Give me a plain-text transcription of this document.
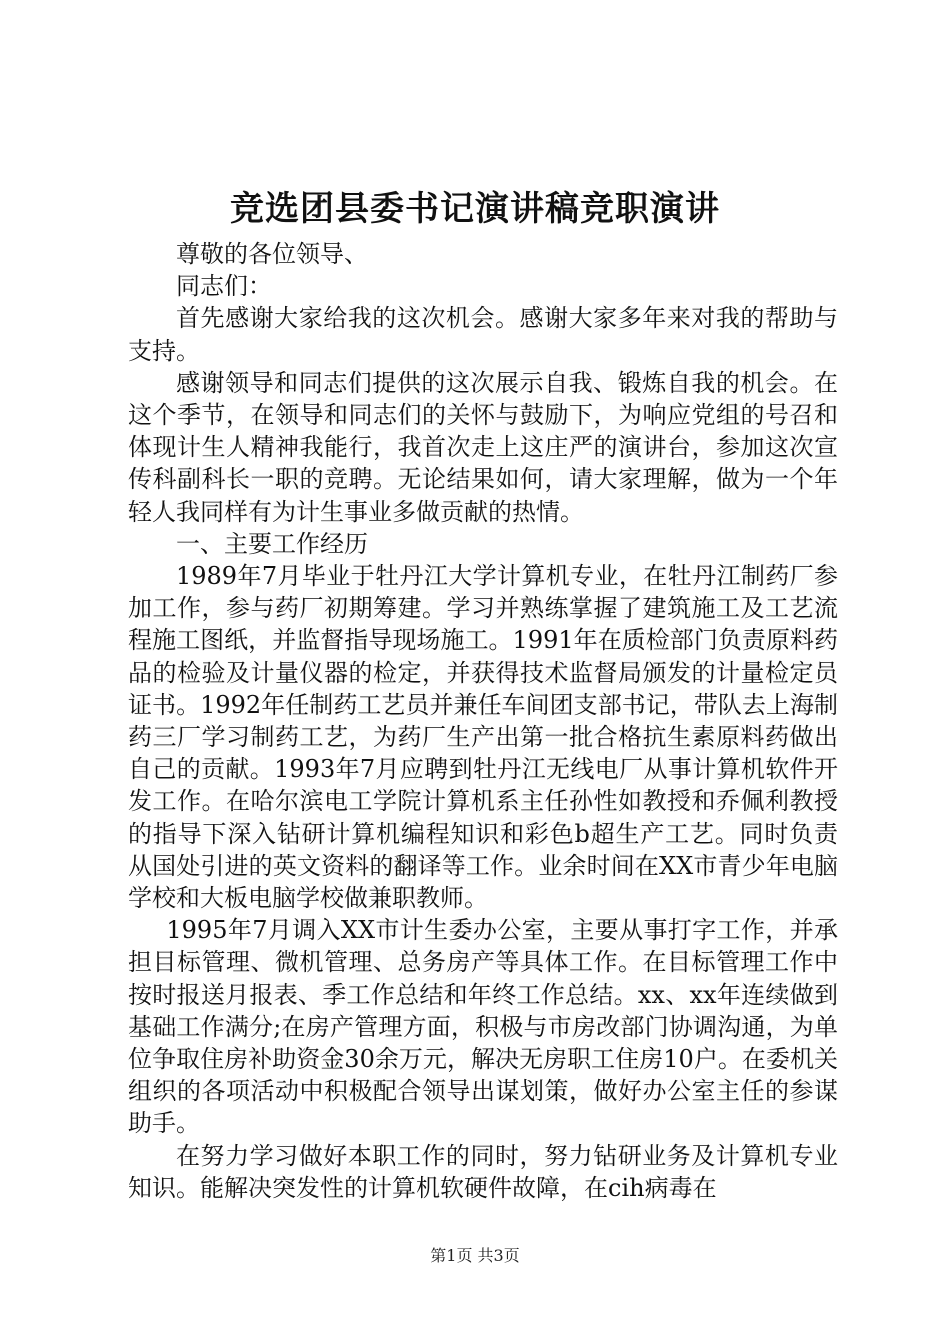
竞选团县委书记演讲稿竞职演讲

尊敬的各位领导、

同志们：

首先感谢大家给我的这次机会。感谢大家多年来对我的帮助与支持。

感谢领导和同志们提供的这次展示自我、锻炼自我的机会。在这个季节，在领导和同志们的关怀与鼓励下，为响应党组的号召和体现计生人精神我能行，我首次走上这庄严的演讲台，参加这次宣传科副科长一职的竞聘。无论结果如何，请大家理解，做为一个年轻人我同样有为计生事业多做贡献的热情。

一、主要工作经历

1989年7月毕业于牡丹江大学计算机专业，在牡丹江制药厂参加工作，参与药厂初期筹建。学习并熟练掌握了建筑施工及工艺流程施工图纸，并监督指导现场施工。1991年在质检部门负责原料药品的检验及计量仪器的检定，并获得技术监督局颁发的计量检定员证书。1992年任制药工艺员并兼任车间团支部书记，带队去上海制药三厂学习制药工艺，为药厂生产出第一批合格抗生素原料药做出自己的贡献。1993年7月应聘到牡丹江无线电厂从事计算机软件开发工作。在哈尔滨电工学院计算机系主任孙性如教授和乔佩利教授的指导下深入钻研计算机编程知识和彩色b超生产工艺。同时负责从国处引进的英文资料的翻译等工作。业余时间在XX市青少年电脑学校和大板电脑学校做兼职教师。

1995年7月调入XX市计生委办公室，主要从事打字工作，并承担目标管理、微机管理、总务房产等具体工作。在目标管理工作中按时报送月报表、季工作总结和年终工作总结。xx、xx年连续做到基础工作满分;在房产管理方面，积极与市房改部门协调沟通，为单位争取住房补助资金30余万元，解决无房职工住房10户。在委机关组织的各项活动中积极配合领导出谋划策，做好办公室主任的参谋助手。

在努力学习做好本职工作的同时，努力钻研业务及计算机专业知识。能解决突发性的计算机软硬件故障，在cih病毒在

第1页 共3页
